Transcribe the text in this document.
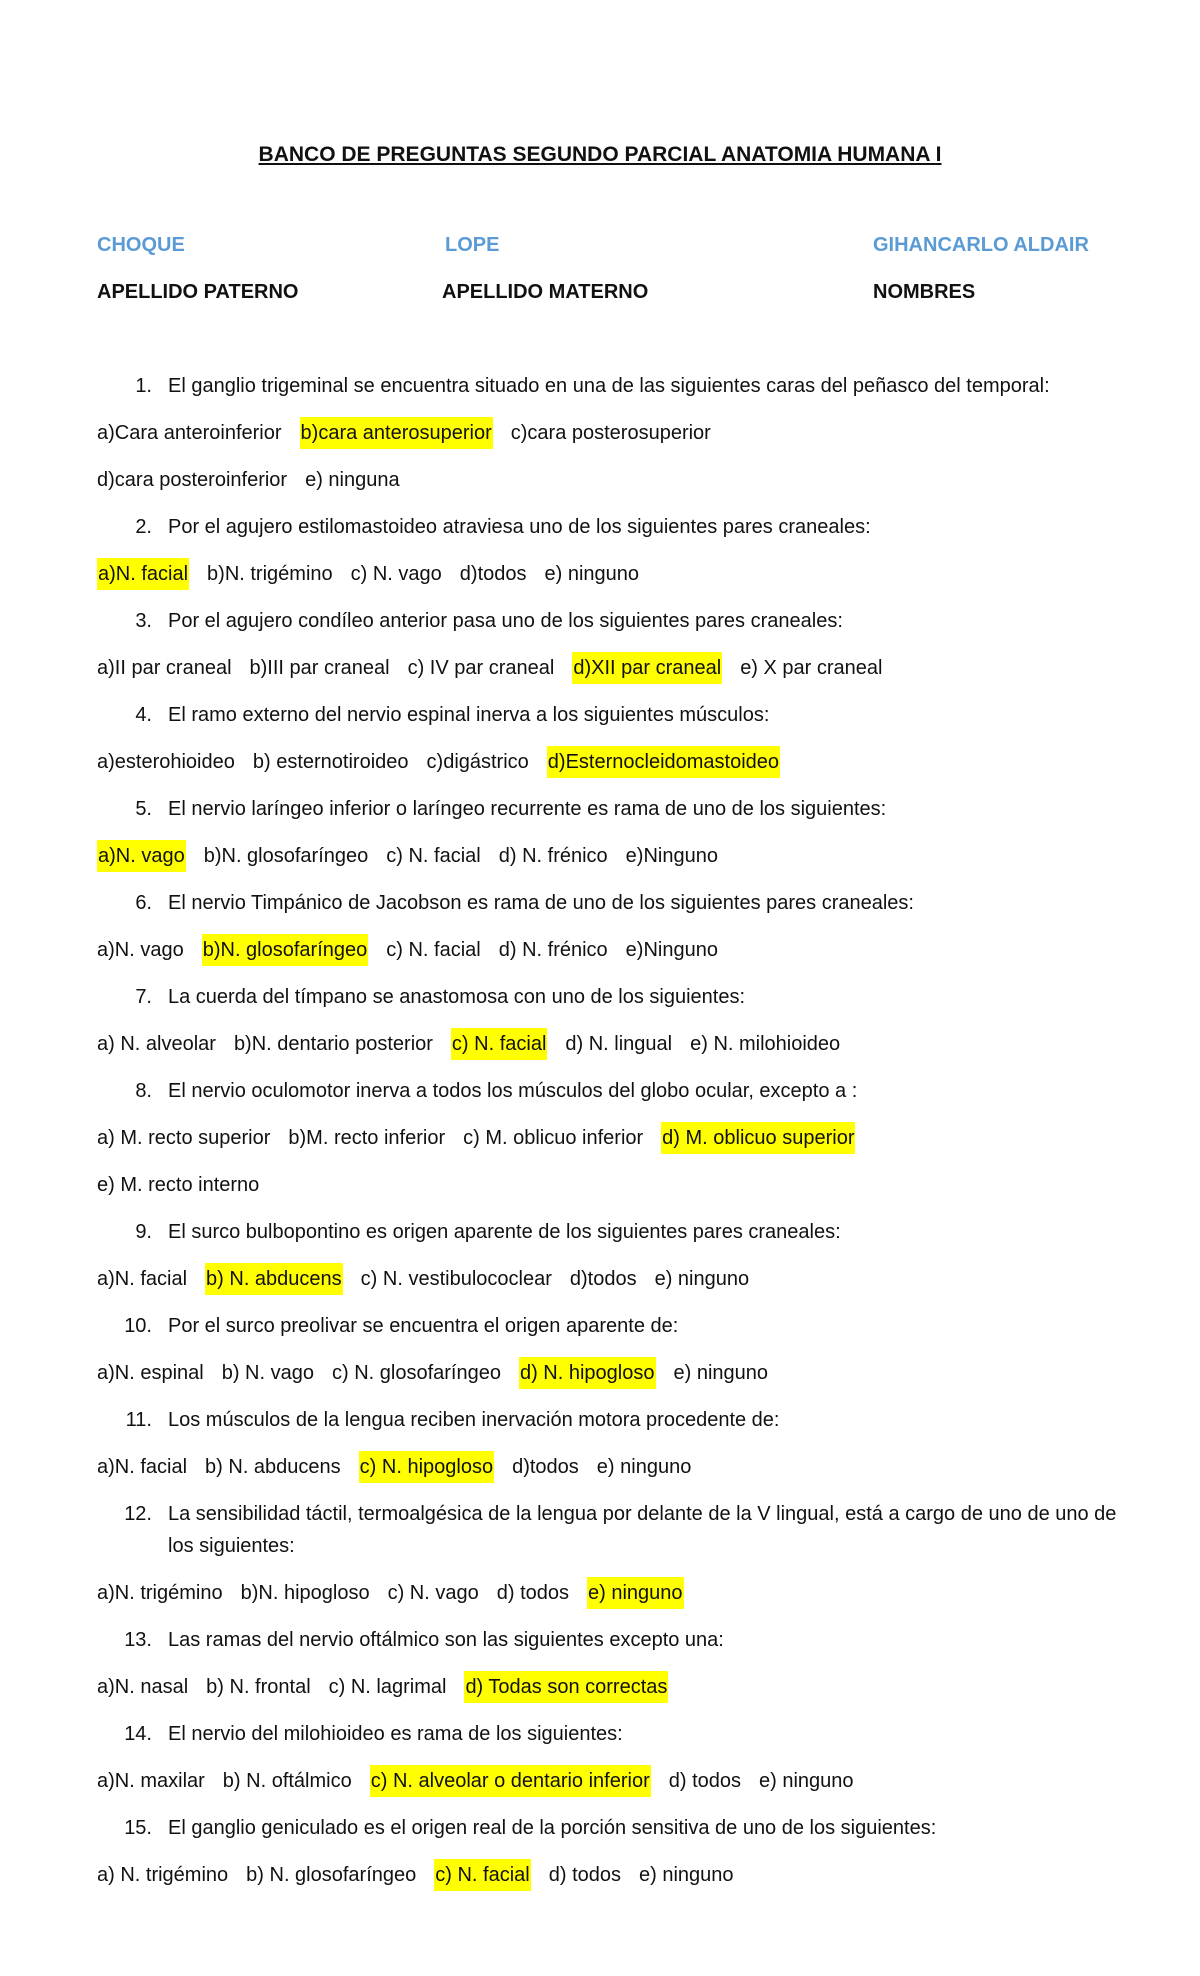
BANCO DE PREGUNTAS SEGUNDO PARCIAL ANATOMIA HUMANA I
CHOQUE	LOPE	GIHANCARLO ALDAIR
APELLIDO PATERNO	APELLIDO MATERNO	NOMBRES
1. El ganglio trigeminal se encuentra situado en una de las siguientes caras del peñasco del temporal:
a)Cara anteroinferior b)cara anterosuperior c)cara posterosuperior
d)cara posteroinferior e) ninguna
2. Por el agujero estilomastoideo atraviesa uno de los siguientes pares craneales:
a)N. facial b)N. trigémino c) N. vago d)todos e) ninguno
3. Por el agujero condíleo anterior pasa uno de los siguientes pares craneales:
a)II par craneal b)III par craneal c) IV par craneal d)XII par craneal e) X par craneal
4. El ramo externo del nervio espinal inerva a los siguientes músculos:
a)esterohioideo b) esternotiroideo c)digástrico d)Esternocleidomastoideo
5. El nervio laríngeo inferior o laríngeo recurrente es rama de uno de los siguientes:
a)N. vago b)N. glosofaríngeo c) N. facial d) N. frénico e)Ninguno
6. El nervio Timpánico de Jacobson es rama de uno de los siguientes pares craneales:
a)N. vago b)N. glosofaríngeo c) N. facial d) N. frénico e)Ninguno
7. La cuerda del tímpano se anastomosa con uno de los siguientes:
a) N. alveolar b)N. dentario posterior c) N. facial d) N. lingual e) N. milohioideo
8. El nervio oculomotor inerva a todos los músculos del globo ocular, excepto a :
a) M. recto superior b)M. recto inferior c) M. oblicuo inferior d) M. oblicuo superior
e) M. recto interno
9. El surco bulbopontino es origen aparente de los siguientes pares craneales:
a)N. facial b) N. abducens c) N. vestibulococlear d)todos e) ninguno
10. Por el surco preolivar se encuentra el origen aparente de:
a)N. espinal b) N. vago c) N. glosofaríngeo d) N. hipogloso e) ninguno
11. Los músculos de la lengua reciben inervación motora procedente de:
a)N. facial b) N. abducens c) N. hipogloso d)todos e) ninguno
12. La sensibilidad táctil, termoalgésica de la lengua por delante de la V lingual, está a cargo de uno de uno de los siguientes:
a)N. trigémino b)N. hipogloso c) N. vago d) todos e) ninguno
13. Las ramas del nervio oftálmico son las siguientes excepto una:
a)N. nasal b) N. frontal c) N. lagrimal d) Todas son correctas
14. El nervio del milohioideo es rama de los siguientes:
a)N. maxilar b) N. oftálmico c) N. alveolar o dentario inferior d) todos e) ninguno
15. El ganglio geniculado es el origen real de la porción sensitiva de uno de los siguientes:
a) N. trigémino b) N. glosofaríngeo c) N. facial d) todos e) ninguno
